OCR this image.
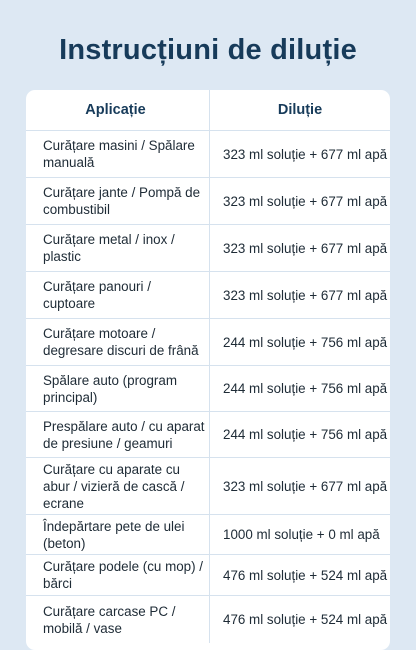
Instrucțiuni de diluție
Aplicație	Diluție
Curățare masini / Spălare manuală
323 ml soluție + 677 ml apă
Curățare jante / Pompă de combustibil
323 ml soluție + 677 ml apă
Curățare metal / inox / plastic
323 ml soluție + 677 ml apă
Curățare panouri / cuptoare
323 ml soluție + 677 ml apă
Curățare motoare / degresare discuri de frână
244 ml soluție + 756 ml apă
Spălare auto (program principal)
244 ml soluție + 756 ml apă
Prespălare auto / cu aparat de presiune / geamuri
244 ml soluție + 756 ml apă
Curățare cu aparate cu abur / vizieră de cască / ecrane
323 ml soluție + 677 ml apă
Îndepărtare pete de ulei (beton)
1000 ml soluție + 0 ml apă
Curățare podele (cu mop) / bărci
476 ml soluție + 524 ml apă
Curățare carcase PC / mobilă / vase
476 ml soluție + 524 ml apă
